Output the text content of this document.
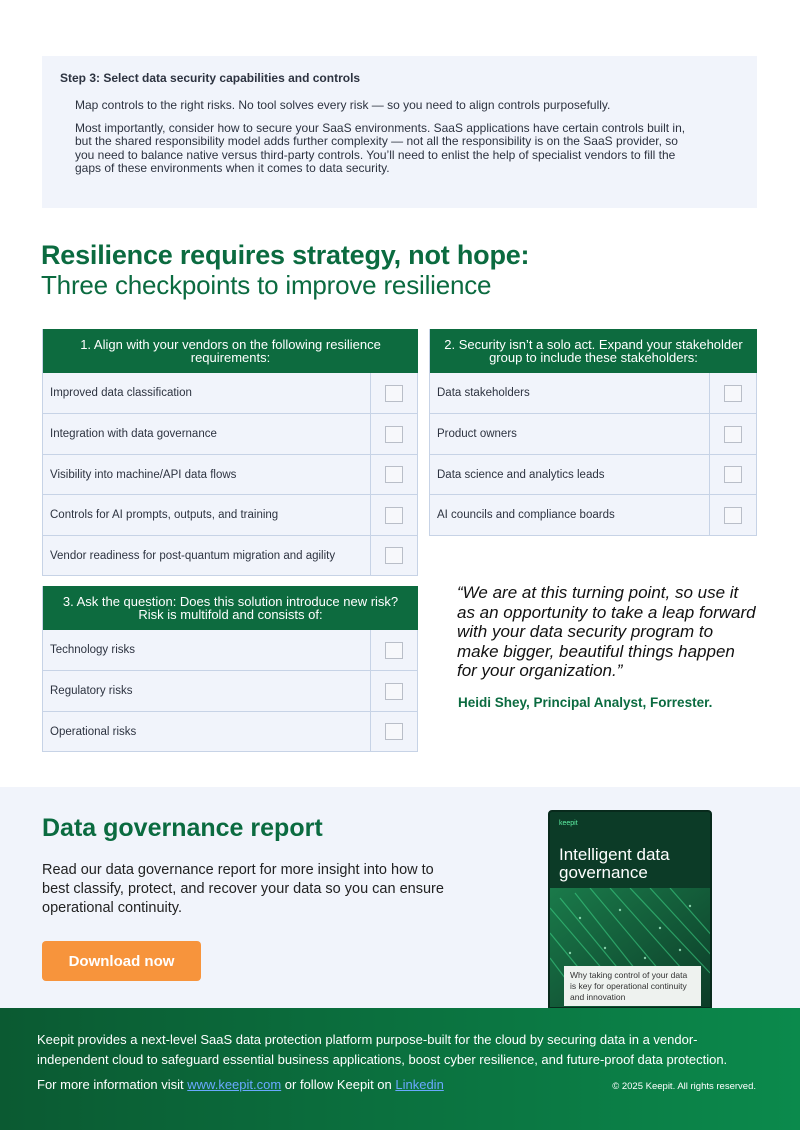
Step 3: Select data security capabilities and controls

Map controls to the right risks. No tool solves every risk — so you need to align controls purposefully.

Most importantly, consider how to secure your SaaS environments. SaaS applications have certain controls built in, but the shared responsibility model adds further complexity — not all the responsibility is on the SaaS provider, so you need to balance native versus third-party controls. You’ll need to enlist the help of specialist vendors to fill the gaps of these environments when it comes to data security.

Resilience requires strategy, not hope:
Three checkpoints to improve resilience
1. Align with your vendors on the following resilience requirements:
Improved data classification
Integration with data governance
Visibility into machine/API data flows
Controls for AI prompts, outputs, and training
Vendor readiness for post-quantum migration and agility
2. Security isn’t a solo act. Expand your stakeholder group to include these stakeholders:
Data stakeholders
Product owners
Data science and analytics leads
AI councils and compliance boards
3. Ask the question: Does this solution introduce new risk? Risk is multifold and consists of:
Technology risks
Regulatory risks
Operational risks
“We are at this turning point, so use it as an opportunity to take a leap forward with your data security program to make bigger, beautiful things happen for your organization.”
Heidi Shey, Principal Analyst, Forrester.
Data governance report
Read our data governance report for more insight into how to best classify, protect, and recover your data so you can ensure operational continuity.
Download now
keepit
Intelligent data governance
Why taking control of your data is key for operational continuity and innovation
Keepit provides a next-level SaaS data protection platform purpose-built for the cloud by securing data in a vendor-independent cloud to safeguard essential business applications, boost cyber resilience, and future-proof data protection.
For more information visit www.keepit.com or follow Keepit on Linkedin	© 2025 Keepit. All rights reserved.
